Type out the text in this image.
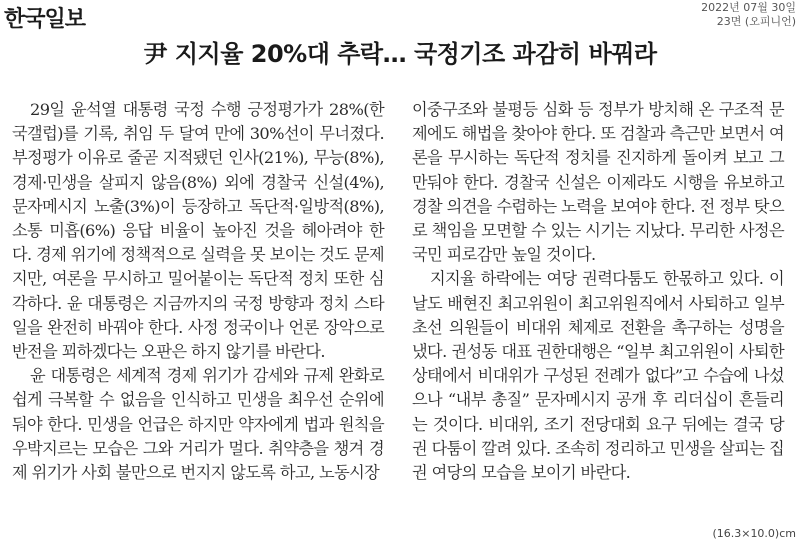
한국일보	2022년 07월 30일
23면 (오피니언)
尹 지지율 20%대 추락… 국정기조 과감히 바꿔라

29일 윤석열 대통령 국정 수행 긍정평가가 28%(한국갤럽)를 기록, 취임 두 달여 만에 30%선이 무너졌다. 부정평가 이유로 줄곧 지적됐던 인사(21%), 무능(8%), 경제·민생을 살피지 않음(8%) 외에 경찰국 신설(4%), 문자메시지 노출(3%)이 등장하고 독단적·일방적(8%), 소통 미흡(6%) 응답 비율이 높아진 것을 헤아려야 한다. 경제 위기에 정책적으로 실력을 못 보이는 것도 문제지만, 여론을 무시하고 밀어붙이는 독단적 정치 또한 심각하다. 윤 대통령은 지금까지의 국정 방향과 정치 스타일을 완전히 바꿔야 한다. 사정 정국이나 언론 장악으로 반전을 꾀하겠다는 오판은 하지 않기를 바란다.

윤 대통령은 세계적 경제 위기가 감세와 규제 완화로 쉽게 극복할 수 없음을 인식하고 민생을 최우선 순위에 둬야 한다. 민생을 언급은 하지만 약자에게 법과 원칙을 우박지르는 모습은 그와 거리가 멀다. 취약층을 챙겨 경제 위기가 사회 불만으로 번지지 않도록 하고, 노동시장

이중구조와 불평등 심화 등 정부가 방치해 온 구조적 문제에도 해법을 찾아야 한다. 또 검찰과 측근만 보면서 여론을 무시하는 독단적 정치를 진지하게 돌이켜 보고 그만둬야 한다. 경찰국 신설은 이제라도 시행을 유보하고 경찰 의견을 수렴하는 노력을 보여야 한다. 전 정부 탓으로 책임을 모면할 수 있는 시기는 지났다. 무리한 사정은 국민 피로감만 높일 것이다.

지지율 하락에는 여당 권력다툼도 한몫하고 있다. 이날도 배현진 최고위원이 최고위원직에서 사퇴하고 일부 초선 의원들이 비대위 체제로 전환을 촉구하는 성명을 냈다. 권성동 대표 권한대행은 “일부 최고위원이 사퇴한 상태에서 비대위가 구성된 전례가 없다”고 수습에 나섰으나 “내부 총질” 문자메시지 공개 후 리더십이 흔들리는 것이다. 비대위, 조기 전당대회 요구 뒤에는 결국 당권 다툼이 깔려 있다. 조속히 정리하고 민생을 살피는 집권 여당의 모습을 보이기 바란다.

(16.3×10.0)cm
